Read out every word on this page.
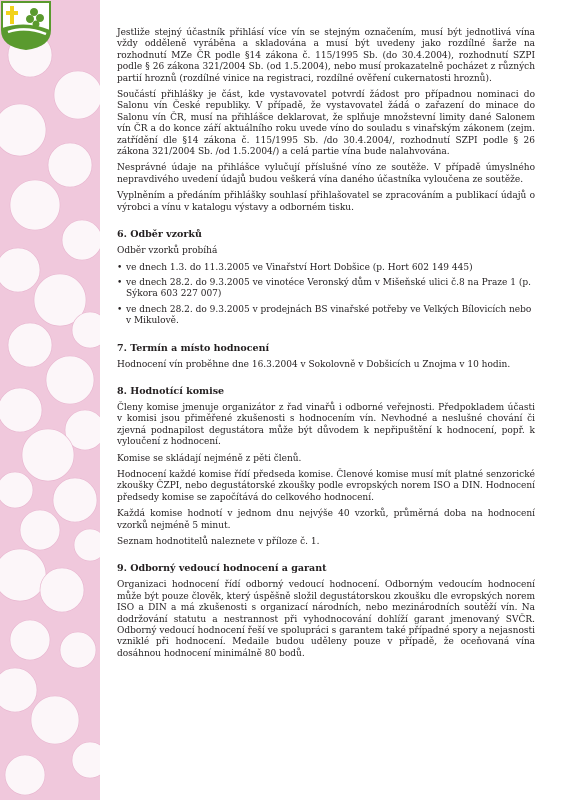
Jestliže stejný účastník přihlásí více vín se stejným označením, musí být jednotlivá vína vždy odděleně vyráběna a skladována a musí být uvedeny jako rozdílné šarže na rozhodnutí MZe ČR podle §14 zákona č. 115/1995 Sb. (do 30.4.2004), rozhodnutí SZPI podle § 26 zákona 321/2004 Sb. (od 1.5.2004), nebo musí prokazatelně pocházet z různých partií hroznů (rozdílné vinice na registraci, rozdílné ověření cukernatosti hroznů).

Součástí přihlášky je část, kde vystavovatel potvrdí žádost pro případnou nominaci do Salonu vín České republiky. V případě, že vystavovatel žádá o zařazení do minace do Salonu vín ČR, musí na přihlášce deklarovat, že splňuje množstevní limity dané Salonem vín ČR a do konce září aktuálního roku uvede víno do souladu s vinařským zákonem (zejm. zatřídění dle §14 zákona č. 115/1995 Sb. /do 30.4.2004/, rozhodnutí SZPI podle § 26 zákona 321/2004 Sb. /od 1.5.2004/) a celá partie vína bude nalahvována.

Nesprávné údaje na přihlášce vylučují příslušné víno ze soutěže. V případě úmyslného nepravdivého uvedení údajů budou veškerá vína daného účastníka vyloučena ze soutěže.

Vyplněním a předáním přihlášky souhlasí přihlašovatel se zpracováním a publikací údajů o výrobci a vínu v katalogu výstavy a odborném tisku.

6. Odběr vzorků

Odběr vzorků probíhá

• ve dnech 1.3. do 11.3.2005 ve Vinařství Hort Dobšice (p. Hort 602 149 445)
• ve dnech 28.2. do 9.3.2005 ve vinotéce Veronský dům v Mišeňské ulici č.8 na Praze 1 (p. Sýkora 603 227 007)
• ve dnech 28.2. do 9.3.2005 v prodejnách BS vinařské potřeby ve Velkých Bílovicích nebo v Mikulově.
7. Termín a místo hodnocení

Hodnocení vín proběhne dne 16.3.2004 v Sokolovně v Dobšicích u Znojma v 10 hodin.

8. Hodnotící komise

Členy komise jmenuje organizátor z řad vinařů i odborné veřejnosti. Předpokladem účasti v komisi jsou přiměřené zkušenosti s hodnocením vín. Nevhodné a neslušné chování či zjevná podnapilost degustátora může být důvodem k nepřipuštění k hodnocení, popř. k vyloučení z hodnocení.

Komise se skládají nejméně z pěti členů.

Hodnocení každé komise řídí předseda komise. Členové komise musí mít platné senzorické zkoušky ČZPI, nebo degustátorské zkoušky podle evropských norem ISO a DIN. Hodnocení předsedy komise se započítává do celkového hodnocení.

Každá komise hodnotí v jednom dnu nejvýše 40 vzorků, průměrná doba na hodnocení vzorků nejméně 5 minut.

Seznam hodnotitelů naleznete v příloze č. 1.

9. Odborný vedoucí hodnocení a garant

Organizaci hodnocení řídí odborný vedoucí hodnocení. Odborným vedoucím hodnocení může být pouze člověk, který úspěšně složil degustátorskou zkoušku dle evropských norem ISO a DIN a má zkušenosti s organizací národních, nebo mezinárodních soutěží vín. Na dodržování statutu a nestrannost při vyhodnocování dohlíží garant jmenovaný SVČR. Odborný vedoucí hodnocení řeší ve spolupráci s garantem také případné spory a nejasnosti vzniklé při hodnocení. Medaile budou uděleny pouze v případě, že oceňovaná vína dosáhnou hodnocení minimálně 80 bodů.
